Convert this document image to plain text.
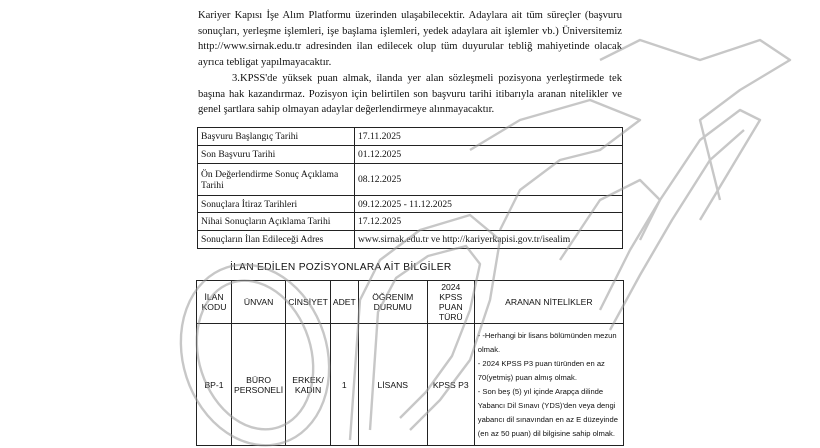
Kariyer Kapısı İşe Alım Platformu üzerinden ulaşabilecektir. Adaylara ait tüm süreçler (başvuru sonuçları, yerleşme işlemleri, işe başlama işlemleri, yedek adaylara ait işlemler vb.) Üniversitemiz http://www.sirnak.edu.tr adresinden ilan edilecek olup tüm duyurular tebliğ mahiyetinde olacak ayrıca tebligat yapılmayacaktır.

3.KPSS'de yüksek puan almak, ilanda yer alan sözleşmeli pozisyona yerleştirmede tek başına hak kazandırmaz. Pozisyon için belirtilen son başvuru tarihi itibarıyla aranan nitelikler ve genel şartlara sahip olmayan adaylar değerlendirmeye alınmayacaktır.

Başvuru Başlangıç Tarihi	17.11.2025
Son Başvuru Tarihi	01.12.2025
Ön Değerlendirme Sonuç Açıklama Tarihi	08.12.2025
Sonuçlara İtiraz Tarihleri	09.12.2025 - 11.12.2025
Nihai Sonuçların Açıklama Tarihi	17.12.2025
Sonuçların İlan Edileceği Adres	www.sirnak.edu.tr ve http://kariyerkapisi.gov.tr/isealim
İLAN EDİLEN POZİSYONLARA AİT BİLGİLER
İLAN KODU	ÜNVAN	CİNSİYET	ADET	ÖĞRENİM DURUMU	2024 KPSS PUAN TÜRÜ	ARANAN NİTELİKLER
BP-1	BÜRO PERSONELİ	ERKEK/ KADIN	1	LİSANS	KPSS P3	- -Herhangi bir lisans bölümünden mezun olmak.
- 2024 KPSS P3 puan türünden en az 70(yetmiş) puan almış olmak.
- Son beş (5) yıl içinde Arapça dilinde Yabancı Dil Sınavı (YDS)'den veya dengi yabancı dil sınavından en az E düzeyinde (en az 50 puan) dil bilgisine sahip olmak.
